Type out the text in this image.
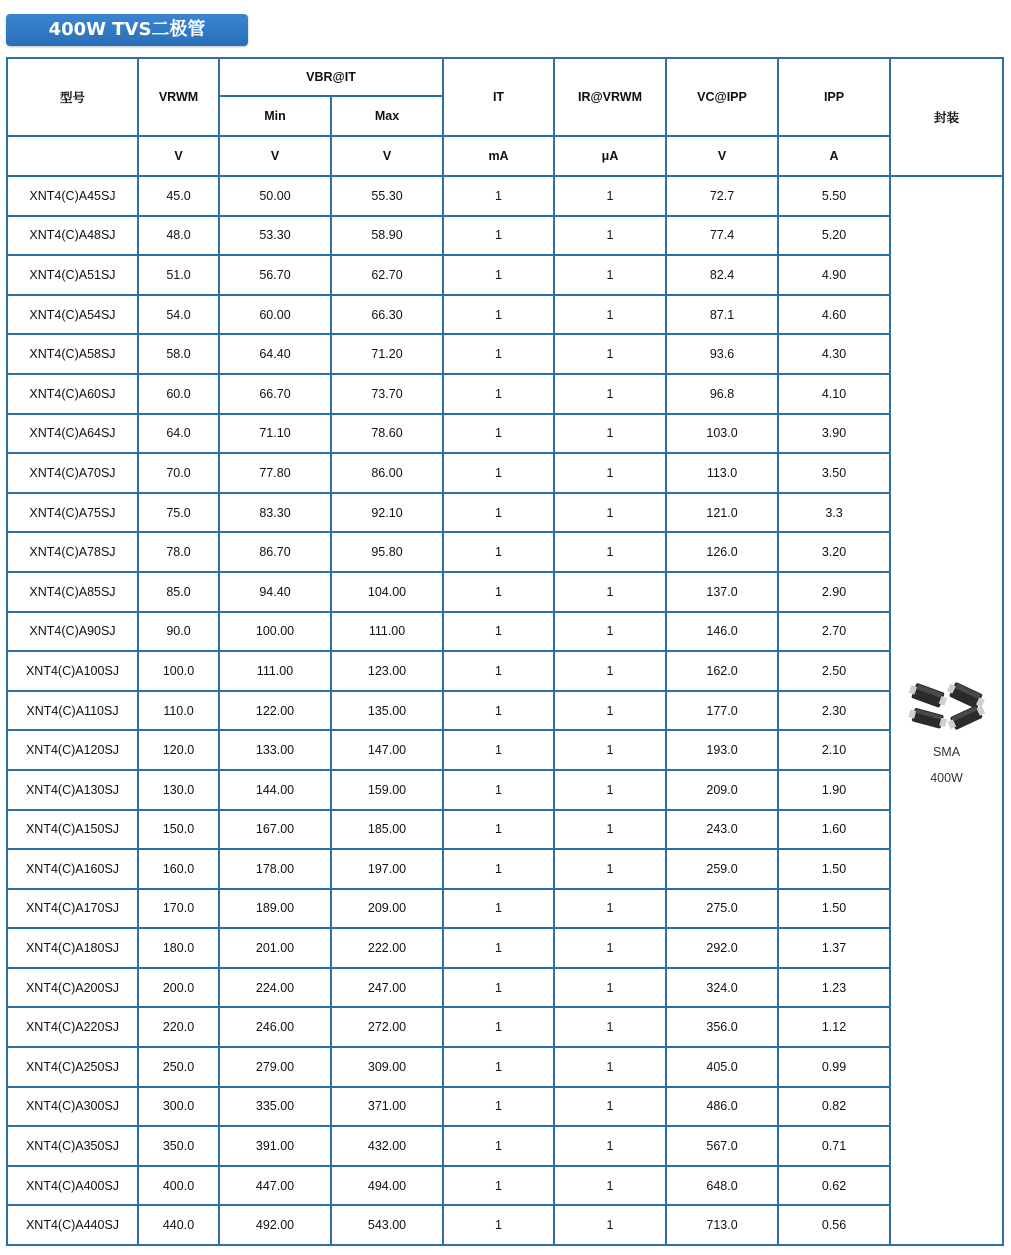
400W TVS二极管
型号	VRWM	VBR@IT		IT	IR@VRWM	VC@IPP	IPP	封装
		Min	Max					
	V	V	V	mA	μA	V	A	
XNT4(C)A45SJ	45.0	50.00	55.30	1	1	72.7	5.50	SMA
400W

XNT4(C)A48SJ	48.0	53.30	58.90	1	1	77.4	5.20	
XNT4(C)A51SJ	51.0	56.70	62.70	1	1	82.4	4.90	
XNT4(C)A54SJ	54.0	60.00	66.30	1	1	87.1	4.60	
XNT4(C)A58SJ	58.0	64.40	71.20	1	1	93.6	4.30	
XNT4(C)A60SJ	60.0	66.70	73.70	1	1	96.8	4.10	
XNT4(C)A64SJ	64.0	71.10	78.60	1	1	103.0	3.90	
XNT4(C)A70SJ	70.0	77.80	86.00	1	1	113.0	3.50	
XNT4(C)A75SJ	75.0	83.30	92.10	1	1	121.0	3.3	
XNT4(C)A78SJ	78.0	86.70	95.80	1	1	126.0	3.20	
XNT4(C)A85SJ	85.0	94.40	104.00	1	1	137.0	2.90	
XNT4(C)A90SJ	90.0	100.00	111.00	1	1	146.0	2.70	
XNT4(C)A100SJ	100.0	111.00	123.00	1	1	162.0	2.50	
XNT4(C)A110SJ	110.0	122.00	135.00	1	1	177.0	2.30	
XNT4(C)A120SJ	120.0	133.00	147.00	1	1	193.0	2.10	
XNT4(C)A130SJ	130.0	144.00	159.00	1	1	209.0	1.90	
XNT4(C)A150SJ	150.0	167.00	185.00	1	1	243.0	1.60	
XNT4(C)A160SJ	160.0	178.00	197.00	1	1	259.0	1.50	
XNT4(C)A170SJ	170.0	189.00	209.00	1	1	275.0	1.50	
XNT4(C)A180SJ	180.0	201.00	222.00	1	1	292.0	1.37	
XNT4(C)A200SJ	200.0	224.00	247.00	1	1	324.0	1.23	
XNT4(C)A220SJ	220.0	246.00	272.00	1	1	356.0	1.12	
XNT4(C)A250SJ	250.0	279.00	309.00	1	1	405.0	0.99	
XNT4(C)A300SJ	300.0	335.00	371.00	1	1	486.0	0.82	
XNT4(C)A350SJ	350.0	391.00	432.00	1	1	567.0	0.71	
XNT4(C)A400SJ	400.0	447.00	494.00	1	1	648.0	0.62	
XNT4(C)A440SJ	440.0	492.00	543.00	1	1	713.0	0.56	
